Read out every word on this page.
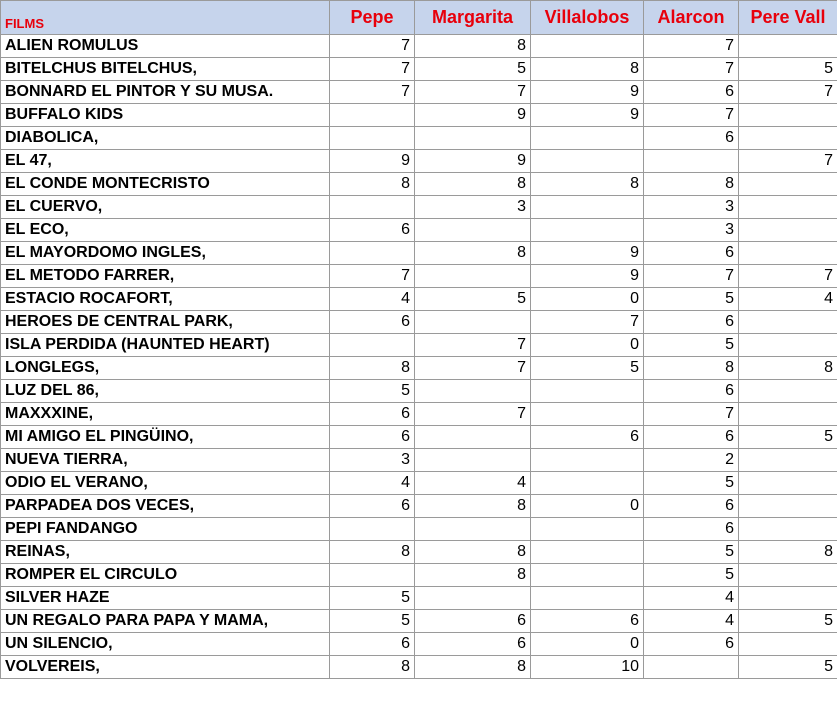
FILMS	Pepe	Margarita	Villalobos	Alarcon	Pere Vall
ALIEN ROMULUS	7	8		7	
BITELCHUS BITELCHUS,	7	5	8	7	5
BONNARD EL PINTOR Y SU MUSA.	7	7	9	6	7
BUFFALO KIDS		9	9	7	
DIABOLICA,				6	
EL 47,	9	9			7
EL CONDE MONTECRISTO	8	8	8	8	
EL CUERVO,		3		3	
EL ECO,	6			3	
EL MAYORDOMO INGLES,		8	9	6	
EL METODO FARRER,	7		9	7	7
ESTACIO ROCAFORT,	4	5	0	5	4
HEROES DE CENTRAL PARK,	6		7	6	
ISLA PERDIDA (HAUNTED HEART)		7	0	5	
LONGLEGS,	8	7	5	8	8
LUZ DEL 86,	5			6	
MAXXXINE,	6	7		7	
MI AMIGO EL PINGÜINO,	6		6	6	5
NUEVA TIERRA,	3			2	
ODIO EL VERANO,	4	4		5	
PARPADEA DOS VECES,	6	8	0	6	
PEPI FANDANGO				6	
REINAS,	8	8		5	8
ROMPER EL CIRCULO		8		5	
SILVER HAZE	5			4	
UN REGALO PARA PAPA Y MAMA,	5	6	6	4	5
UN SILENCIO,	6	6	0	6	
VOLVEREIS,	8	8	10		5
